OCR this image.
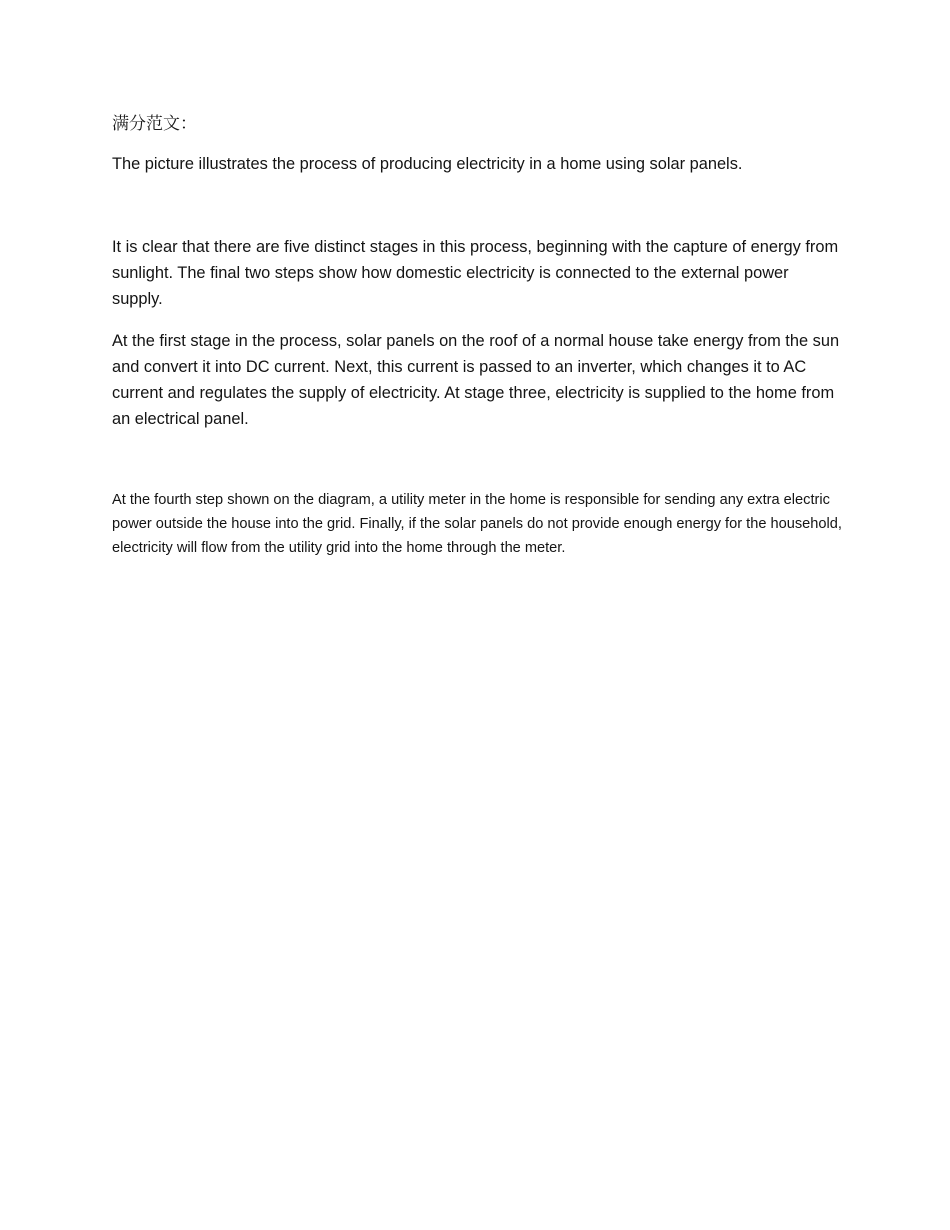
满分范文：

The picture illustrates the process of producing electricity in a home using solar panels.

It is clear that there are five distinct stages in this process, beginning with the capture of energy from sunlight. The final two steps show how domestic electricity is connected to the external power supply.

At the first stage in the process, solar panels on the roof of a normal house take energy from the sun and convert it into DC current. Next, this current is passed to an inverter, which changes it to AC current and regulates the supply of electricity. At stage three, electricity is supplied to the home from an electrical panel.

At the fourth step shown on the diagram, a utility meter in the home is responsible for sending any extra electric power outside the house into the grid. Finally, if the solar panels do not provide enough energy for the household, electricity will flow from the utility grid into the home through the meter.
